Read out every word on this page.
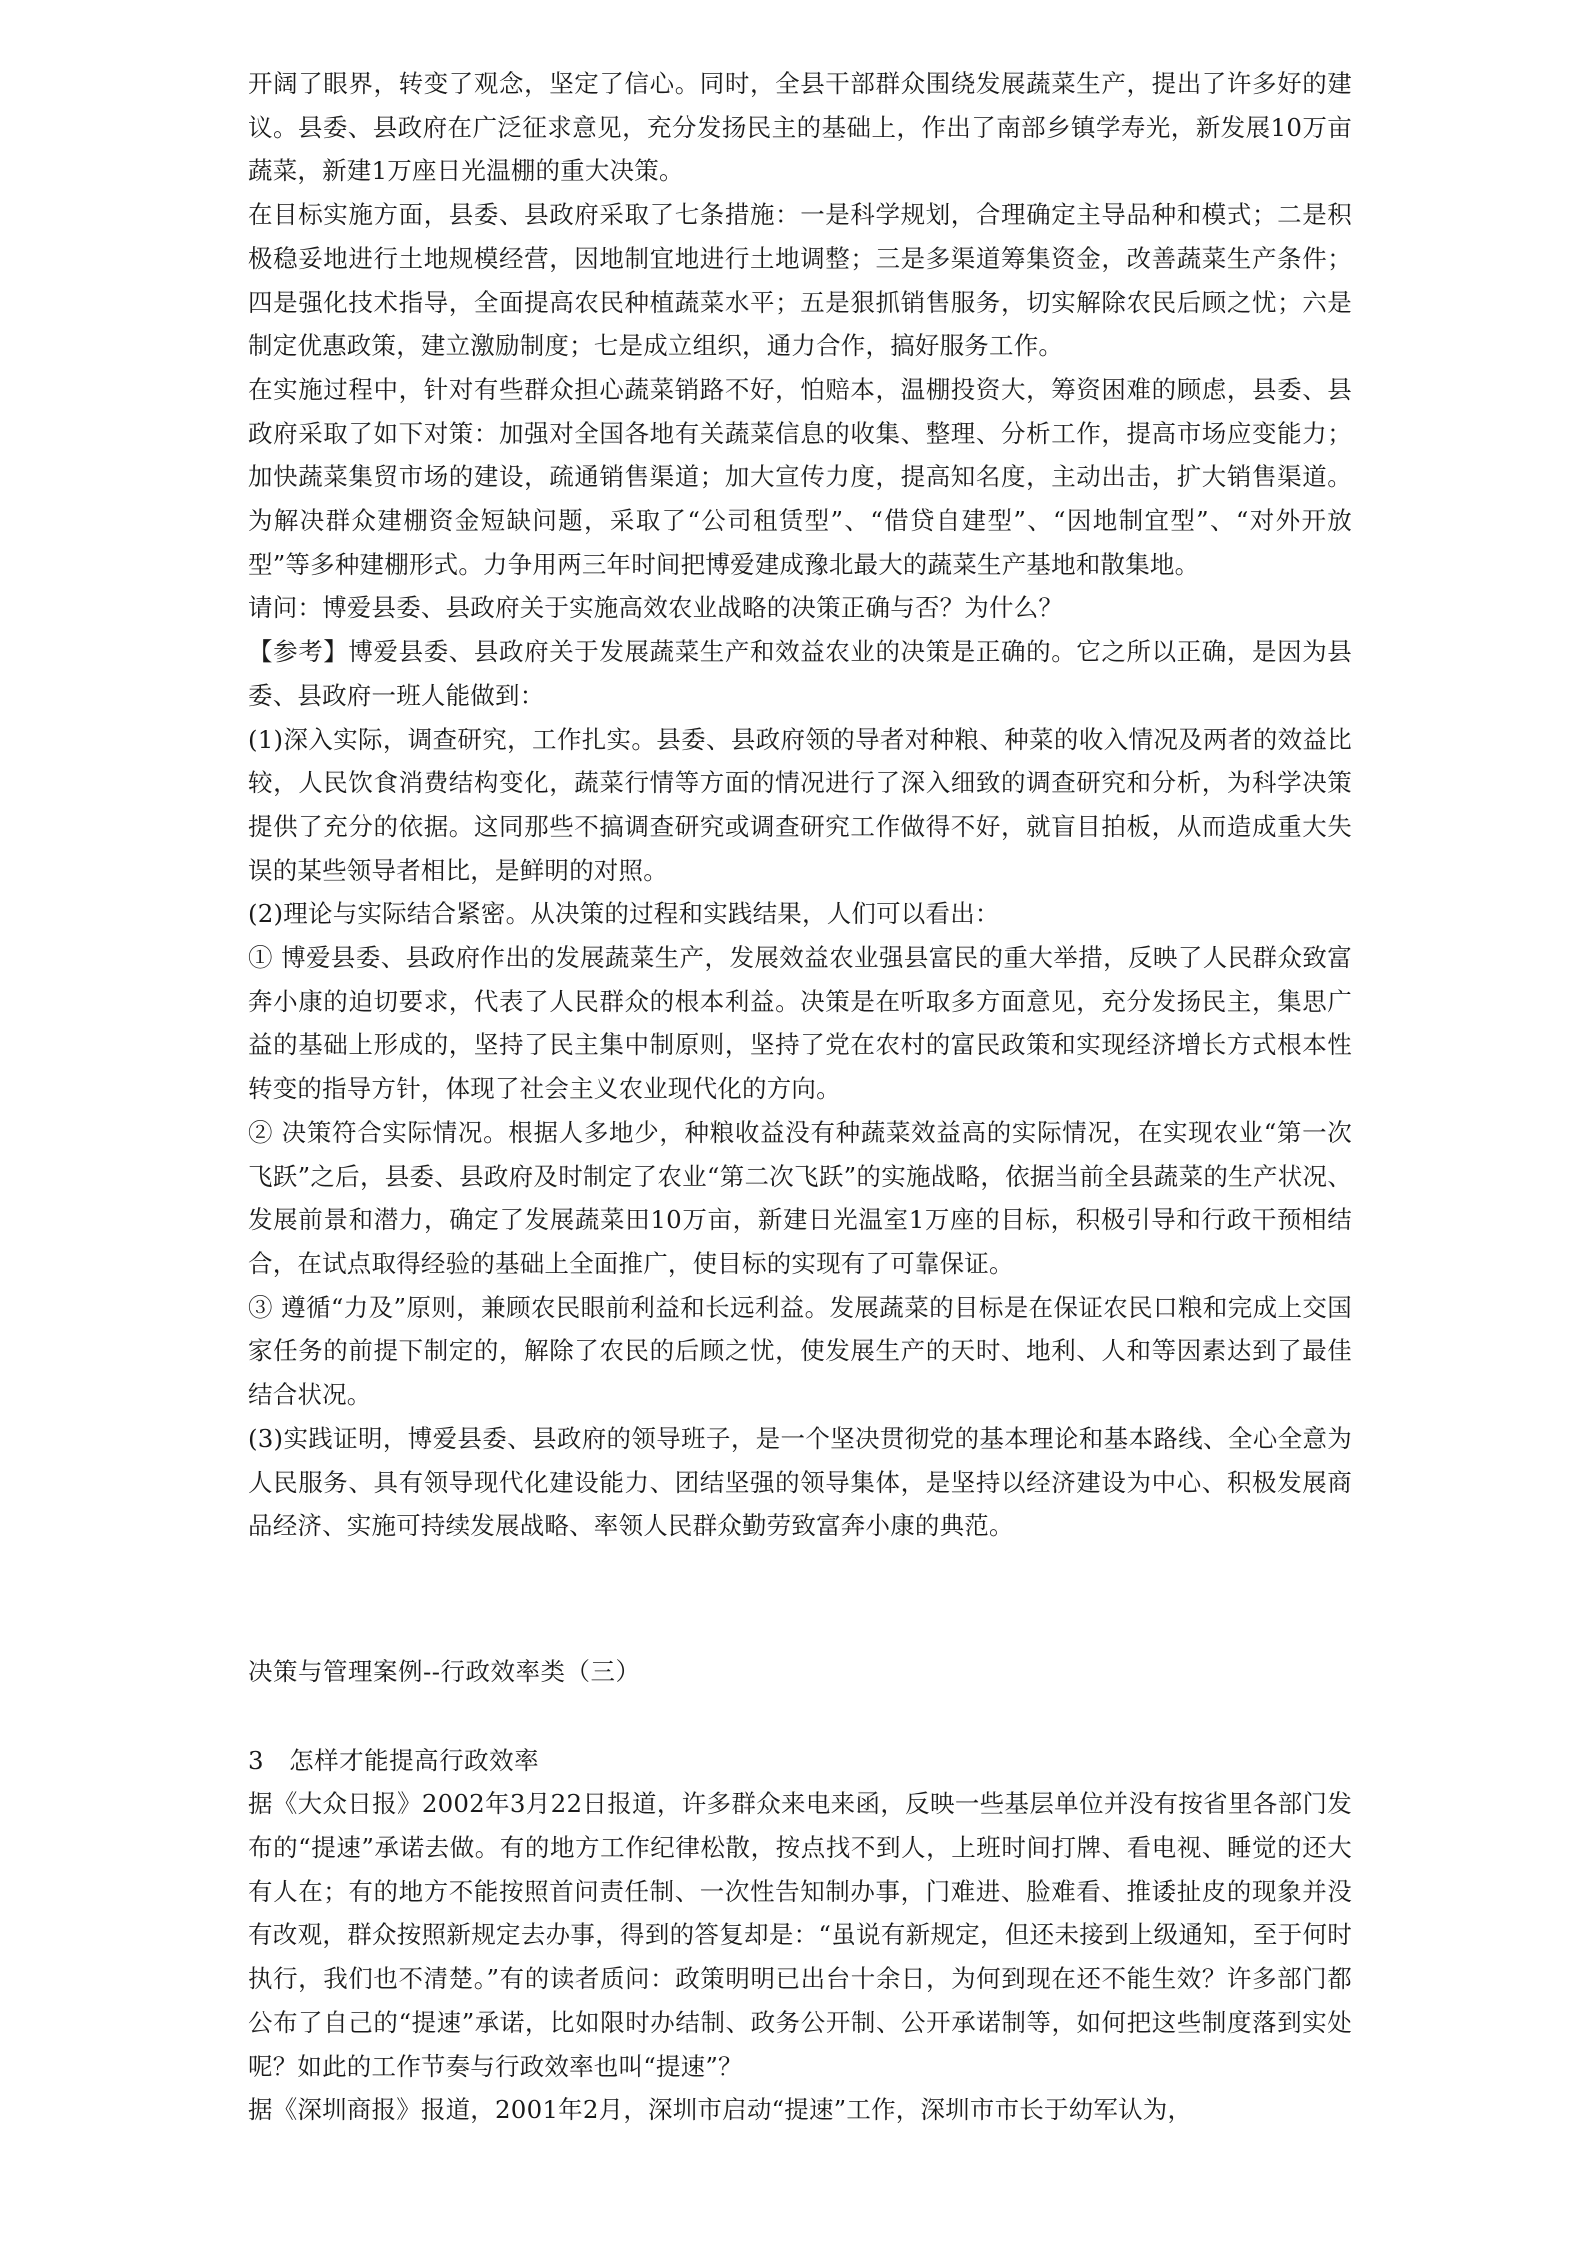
开阔了眼界，转变了观念，坚定了信心。同时，全县干部群众围绕发展蔬菜生产，提出了许多好的建议。县委、县政府在广泛征求意见，充分发扬民主的基础上，作出了南部乡镇学寿光，新发展10万亩蔬菜，新建1万座日光温棚的重大决策。

在目标实施方面，县委、县政府采取了七条措施：一是科学规划，合理确定主导品种和模式；二是积极稳妥地进行土地规模经营，因地制宜地进行土地调整；三是多渠道筹集资金，改善蔬菜生产条件；四是强化技术指导，全面提高农民种植蔬菜水平；五是狠抓销售服务，切实解除农民后顾之忧；六是制定优惠政策，建立激励制度；七是成立组织，通力合作，搞好服务工作。

在实施过程中，针对有些群众担心蔬菜销路不好，怕赔本，温棚投资大，筹资困难的顾虑，县委、县政府采取了如下对策：加强对全国各地有关蔬菜信息的收集、整理、分析工作，提高市场应变能力；加快蔬菜集贸市场的建设，疏通销售渠道；加大宣传力度，提高知名度，主动出击，扩大销售渠道。为解决群众建棚资金短缺问题，采取了“公司租赁型”、“借贷自建型”、“因地制宜型”、“对外开放型”等多种建棚形式。力争用两三年时间把博爱建成豫北最大的蔬菜生产基地和散集地。

请问：博爱县委、县政府关于实施高效农业战略的决策正确与否？为什么？

【参考】博爱县委、县政府关于发展蔬菜生产和效益农业的决策是正确的。它之所以正确，是因为县委、县政府一班人能做到：

(1)深入实际，调查研究，工作扎实。县委、县政府领的导者对种粮、种菜的收入情况及两者的效益比较，人民饮食消费结构变化，蔬菜行情等方面的情况进行了深入细致的调查研究和分析，为科学决策提供了充分的依据。这同那些不搞调查研究或调查研究工作做得不好，就盲目拍板，从而造成重大失误的某些领导者相比，是鲜明的对照。

(2)理论与实际结合紧密。从决策的过程和实践结果，人们可以看出：

① 博爱县委、县政府作出的发展蔬菜生产，发展效益农业强县富民的重大举措，反映了人民群众致富奔小康的迫切要求，代表了人民群众的根本利益。决策是在听取多方面意见，充分发扬民主，集思广益的基础上形成的，坚持了民主集中制原则，坚持了党在农村的富民政策和实现经济增长方式根本性转变的指导方针，体现了社会主义农业现代化的方向。

② 决策符合实际情况。根据人多地少，种粮收益没有种蔬菜效益高的实际情况，在实现农业“第一次飞跃”之后，县委、县政府及时制定了农业“第二次飞跃”的实施战略，依据当前全县蔬菜的生产状况、发展前景和潜力，确定了发展蔬菜田10万亩，新建日光温室1万座的目标，积极引导和行政干预相结合，在试点取得经验的基础上全面推广，使目标的实现有了可靠保证。

③ 遵循“力及”原则，兼顾农民眼前利益和长远利益。发展蔬菜的目标是在保证农民口粮和完成上交国家任务的前提下制定的，解除了农民的后顾之忧，使发展生产的天时、地利、人和等因素达到了最佳结合状况。

(3)实践证明，博爱县委、县政府的领导班子，是一个坚决贯彻党的基本理论和基本路线、全心全意为人民服务、具有领导现代化建设能力、团结坚强的领导集体，是坚持以经济建设为中心、积极发展商品经济、实施可持续发展战略、率领人民群众勤劳致富奔小康的典范。

决策与管理案例--行政效率类（三）

3　怎样才能提高行政效率

据《大众日报》2002年3月22日报道，许多群众来电来函，反映一些基层单位并没有按省里各部门发布的“提速”承诺去做。有的地方工作纪律松散，按点找不到人，上班时间打牌、看电视、睡觉的还大有人在；有的地方不能按照首问责任制、一次性告知制办事，门难进、脸难看、推诿扯皮的现象并没有改观，群众按照新规定去办事，得到的答复却是：“虽说有新规定，但还未接到上级通知，至于何时执行，我们也不清楚。”有的读者质问：政策明明已出台十余日，为何到现在还不能生效？许多部门都公布了自己的“提速”承诺，比如限时办结制、政务公开制、公开承诺制等，如何把这些制度落到实处呢？如此的工作节奏与行政效率也叫“提速”？

据《深圳商报》报道，2001年2月，深圳市启动“提速”工作，深圳市市长于幼军认为，
